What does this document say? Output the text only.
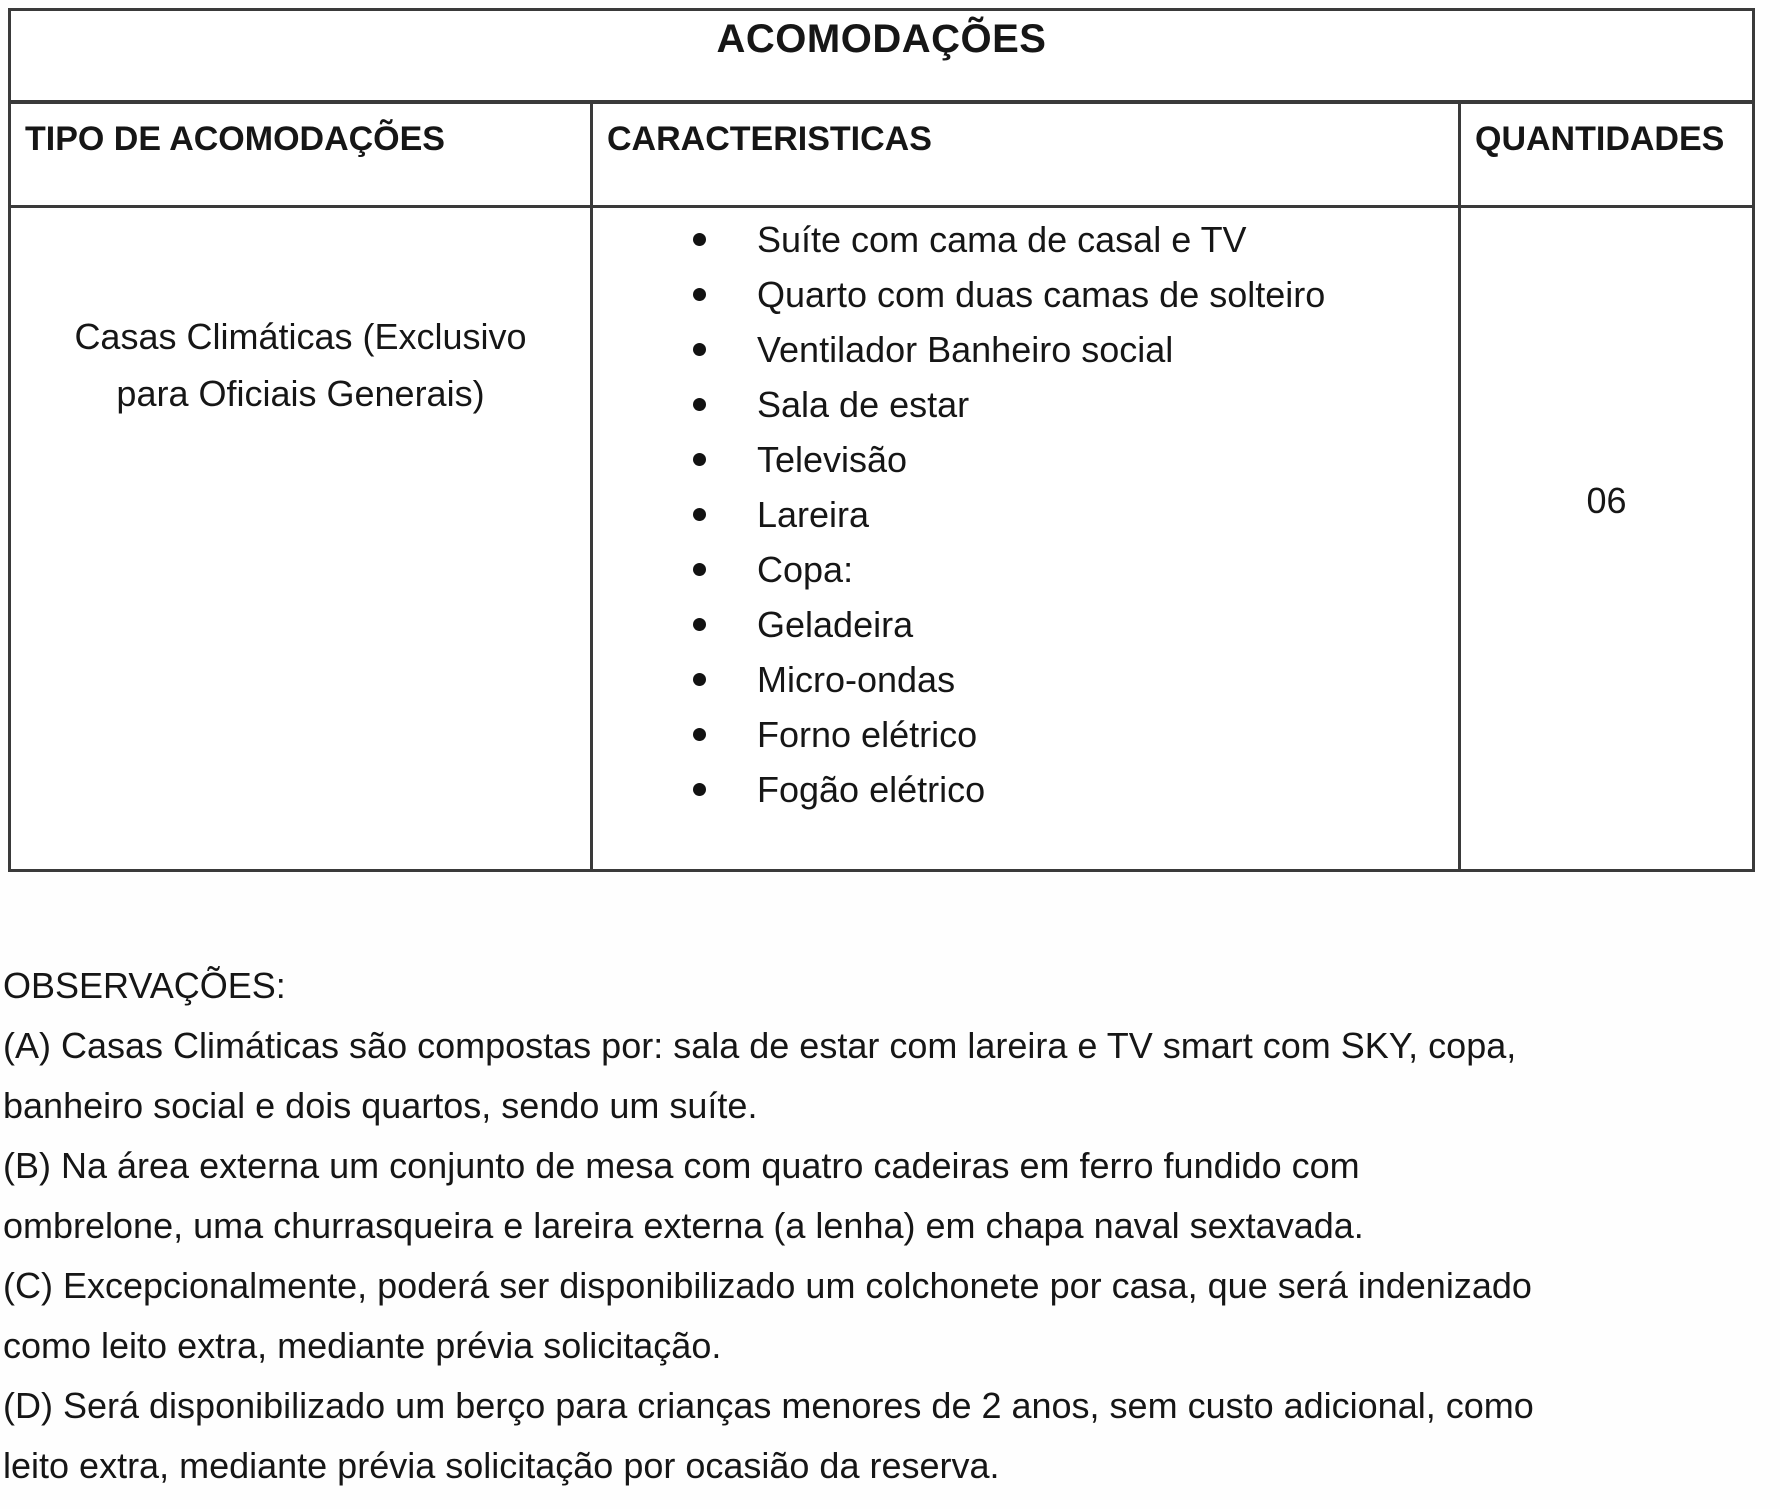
ACOMODAÇÕES
TIPO DE ACOMODAÇÕES	CARACTERISTICAS	QUANTIDADES
Casas Climáticas (Exclusivo
para Oficiais Generais)
Suíte com cama de casal e TV
Quarto com duas camas de solteiro
Ventilador Banheiro social
Sala de estar
Televisão
Lareira
Copa:
Geladeira
Micro-ondas
Forno elétrico
Fogão elétrico
06
OBSERVAÇÕES:
(A) Casas Climáticas são compostas por: sala de estar com lareira e TV smart com SKY, copa,
banheiro social e dois quartos, sendo um suíte.
(B) Na área externa um conjunto de mesa com quatro cadeiras em ferro fundido com
ombrelone, uma churrasqueira e lareira externa (a lenha) em chapa naval sextavada.
(C) Excepcionalmente, poderá ser disponibilizado um colchonete por casa, que será indenizado
como leito extra, mediante prévia solicitação.
(D) Será disponibilizado um berço para crianças menores de 2 anos, sem custo adicional, como
leito extra, mediante prévia solicitação por ocasião da reserva.
